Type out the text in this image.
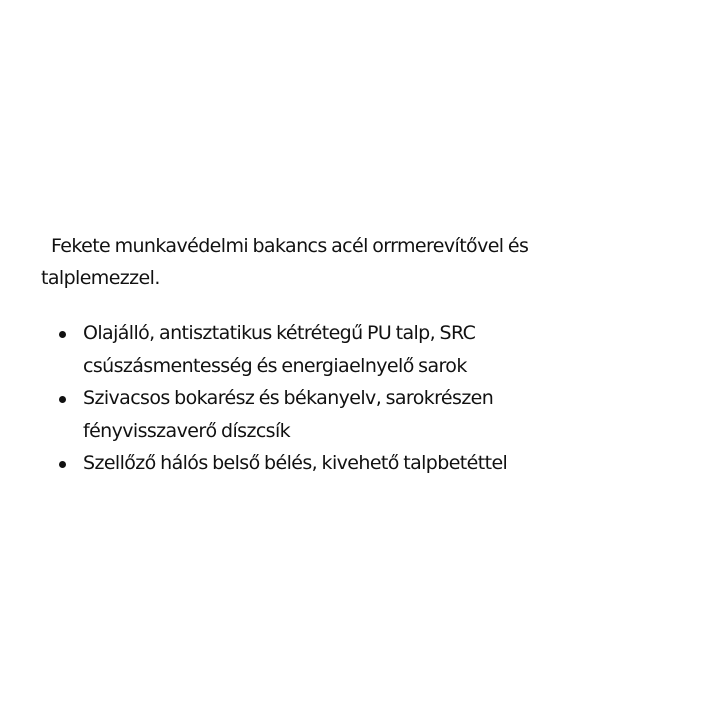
Fekete munkavédelmi bakancs acél orrmerevítővel és talplemezzel.

Olajálló, antisztatikus kétrétegű PU talp, SRC csúszásmentesség és energiaelnyelő sarok
Szivacsos bokarész és békanyelv, sarokrészen fényvisszaverő díszcsík
Szellőző hálós belső bélés, kivehető talpbetéttel
